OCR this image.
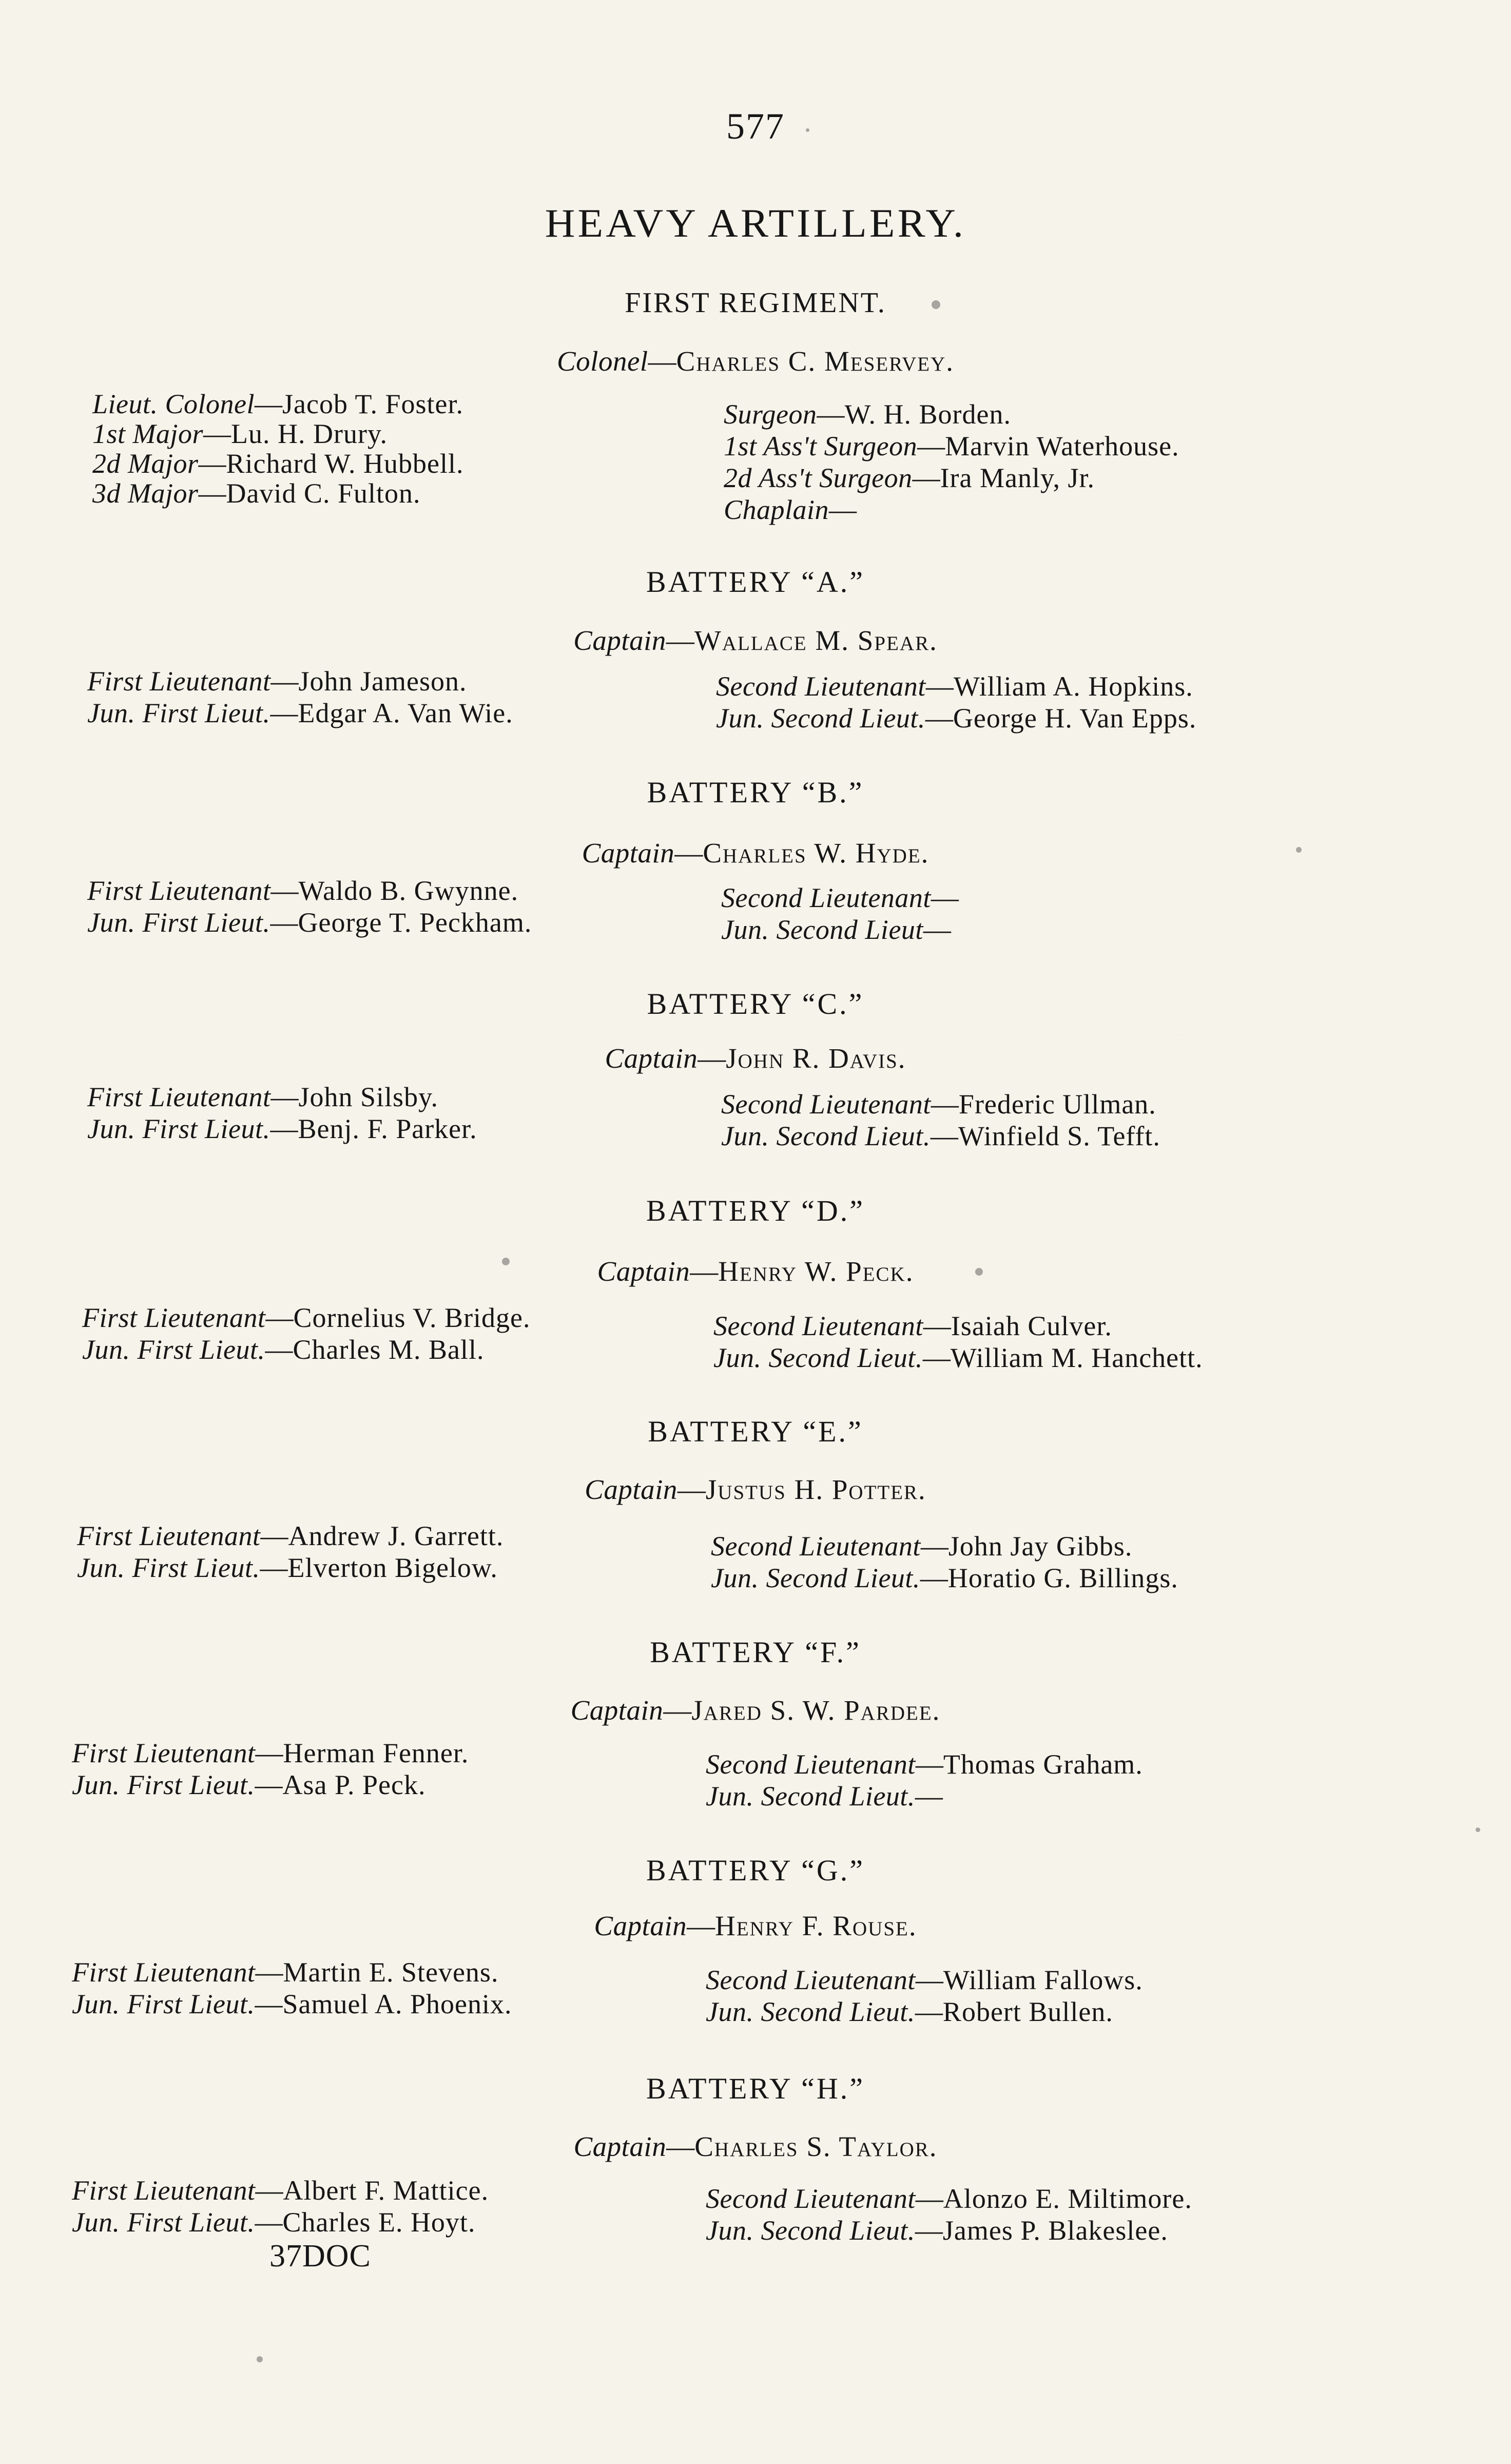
577
HEAVY ARTILLERY.
FIRST REGIMENT.
Colonel—Charles C. Meservey.
Lieut. Colonel—Jacob T. Foster.
1st Major—Lu. H. Drury.
2d Major—Richard W. Hubbell.
3d Major—David C. Fulton.
Surgeon—W. H. Borden.
1st Ass't Surgeon—Marvin Waterhouse.
2d Ass't Surgeon—Ira Manly, Jr.
Chaplain—
BATTERY “A.”
Captain—Wallace M. Spear.
First Lieutenant—John Jameson.
Jun. First Lieut.—Edgar A. Van Wie.
Second Lieutenant—William A. Hopkins.
Jun. Second Lieut.—George H. Van Epps.
BATTERY “B.”
Captain—Charles W. Hyde.
First Lieutenant—Waldo B. Gwynne.
Jun. First Lieut.—George T. Peckham.
Second Lieutenant—
Jun. Second Lieut—
BATTERY “C.”
Captain—John R. Davis.
First Lieutenant—John Silsby.
Jun. First Lieut.—Benj. F. Parker.
Second Lieutenant—Frederic Ullman.
Jun. Second Lieut.—Winfield S. Tefft.
BATTERY “D.”
Captain—Henry W. Peck.
First Lieutenant—Cornelius V. Bridge.
Jun. First Lieut.—Charles M. Ball.
Second Lieutenant—Isaiah Culver.
Jun. Second Lieut.—William M. Hanchett.
BATTERY “E.”
Captain—Justus H. Potter.
First Lieutenant—Andrew J. Garrett.
Jun. First Lieut.—Elverton Bigelow.
Second Lieutenant—John Jay Gibbs.
Jun. Second Lieut.—Horatio G. Billings.
BATTERY “F.”
Captain—Jared S. W. Pardee.
First Lieutenant—Herman Fenner.
Jun. First Lieut.—Asa P. Peck.
Second Lieutenant—Thomas Graham.
Jun. Second Lieut.—
BATTERY “G.”
Captain—Henry F. Rouse.
First Lieutenant—Martin E. Stevens.
Jun. First Lieut.—Samuel A. Phoenix.
Second Lieutenant—William Fallows.
Jun. Second Lieut.—Robert Bullen.
BATTERY “H.”
Captain—Charles S. Taylor.
First Lieutenant—Albert F. Mattice.
Jun. First Lieut.—Charles E. Hoyt.
Second Lieutenant—Alonzo E. Miltimore.
Jun. Second Lieut.—James P. Blakeslee.
37DOC
